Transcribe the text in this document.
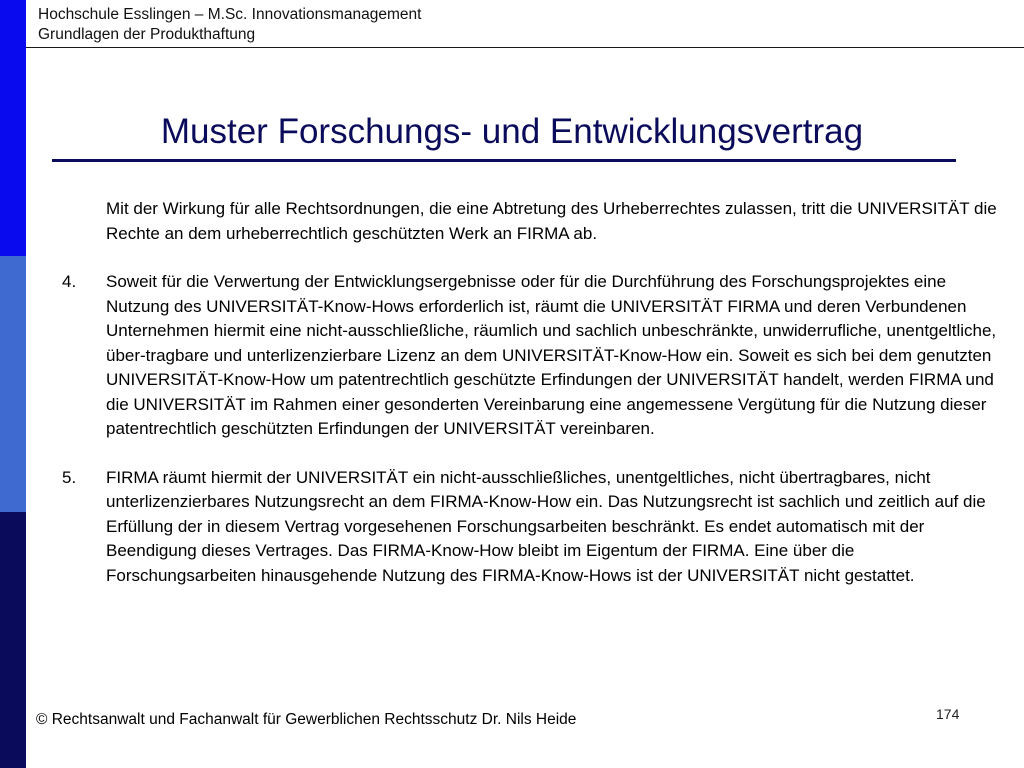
Hochschule Esslingen – M.Sc. Innovationsmanagement
Grundlagen der Produkthaftung
Muster Forschungs- und Entwicklungsvertrag
Mit der Wirkung für alle Rechtsordnungen, die eine Abtretung des Urheberrechtes zulassen, tritt die UNIVERSITÄT die Rechte an dem urheberrechtlich geschützten Werk an FIRMA ab.
4. Soweit für die Verwertung der Entwicklungsergebnisse oder für die Durchführung des Forschungsprojektes eine Nutzung des UNIVERSITÄT-Know-Hows erforderlich ist, räumt die UNIVERSITÄT FIRMA und deren Verbundenen Unternehmen hiermit eine nicht-ausschließliche, räumlich und sachlich unbeschränkte, unwiderrufliche, unentgeltliche, über-tragbare und unterlizenzierbare Lizenz an dem UNIVERSITÄT-Know-How ein. Soweit es sich bei dem genutzten UNIVERSITÄT-Know-How um patentrechtlich geschützte Erfindungen der UNIVERSITÄT handelt, werden FIRMA und die UNIVERSITÄT im Rahmen einer gesonderten Vereinbarung eine angemessene Vergütung für die Nutzung dieser patentrechtlich geschützten Erfindungen der UNIVERSITÄT vereinbaren.
5. FIRMA räumt hiermit der UNIVERSITÄT ein nicht-ausschließliches, unentgeltliches, nicht übertragbares, nicht unterlizenzierbares Nutzungsrecht an dem FIRMA-Know-How ein. Das Nutzungsrecht ist sachlich und zeitlich auf die Erfüllung der in diesem Vertrag vorgesehenen Forschungsarbeiten beschränkt. Es endet automatisch mit der Beendigung dieses Vertrages. Das FIRMA-Know-How bleibt im Eigentum der FIRMA. Eine über die Forschungsarbeiten hinausgehende Nutzung des FIRMA-Know-Hows ist der UNIVERSITÄT nicht gestattet.
© Rechtsanwalt und Fachanwalt für Gewerblichen Rechtsschutz Dr. Nils Heide	174
